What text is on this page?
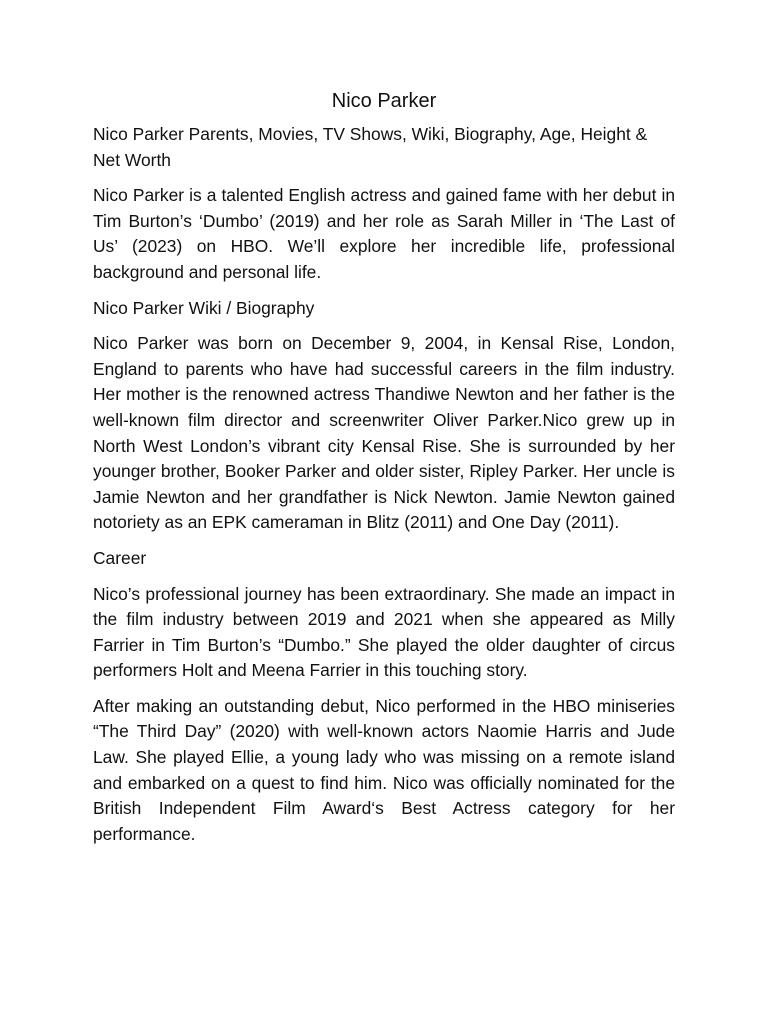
Nico Parker

Nico Parker Parents, Movies, TV Shows, Wiki, Biography, Age, Height & Net Worth

Nico Parker is a talented English actress and gained fame with her debut in Tim Burton’s ‘Dumbo’ (2019) and her role as Sarah Miller in ‘The Last of Us’ (2023) on HBO. We’ll explore her incredible life, professional background and personal life.

Nico Parker Wiki / Biography

Nico Parker was born on December 9, 2004, in Kensal Rise, London, England to parents who have had successful careers in the film industry. Her mother is the renowned actress Thandiwe Newton and her father is the well-known film director and screenwriter Oliver Parker.Nico grew up in North West London’s vibrant city Kensal Rise. She is surrounded by her younger brother, Booker Parker and older sister, Ripley Parker. Her uncle is Jamie Newton and her grandfather is Nick Newton. Jamie Newton gained notoriety as an EPK cameraman in Blitz (2011) and One Day (2011).

Career

Nico’s professional journey has been extraordinary. She made an impact in the film industry between 2019 and 2021 when she appeared as Milly Farrier in Tim Burton’s “Dumbo.” She played the older daughter of circus performers Holt and Meena Farrier in this touching story.

After making an outstanding debut, Nico performed in the HBO miniseries “The Third Day” (2020) with well-known actors Naomie Harris and Jude Law. She played Ellie, a young lady who was missing on a remote island and embarked on a quest to find him. Nico was officially nominated for the British Independent Film Award‘s Best Actress category for her performance.
